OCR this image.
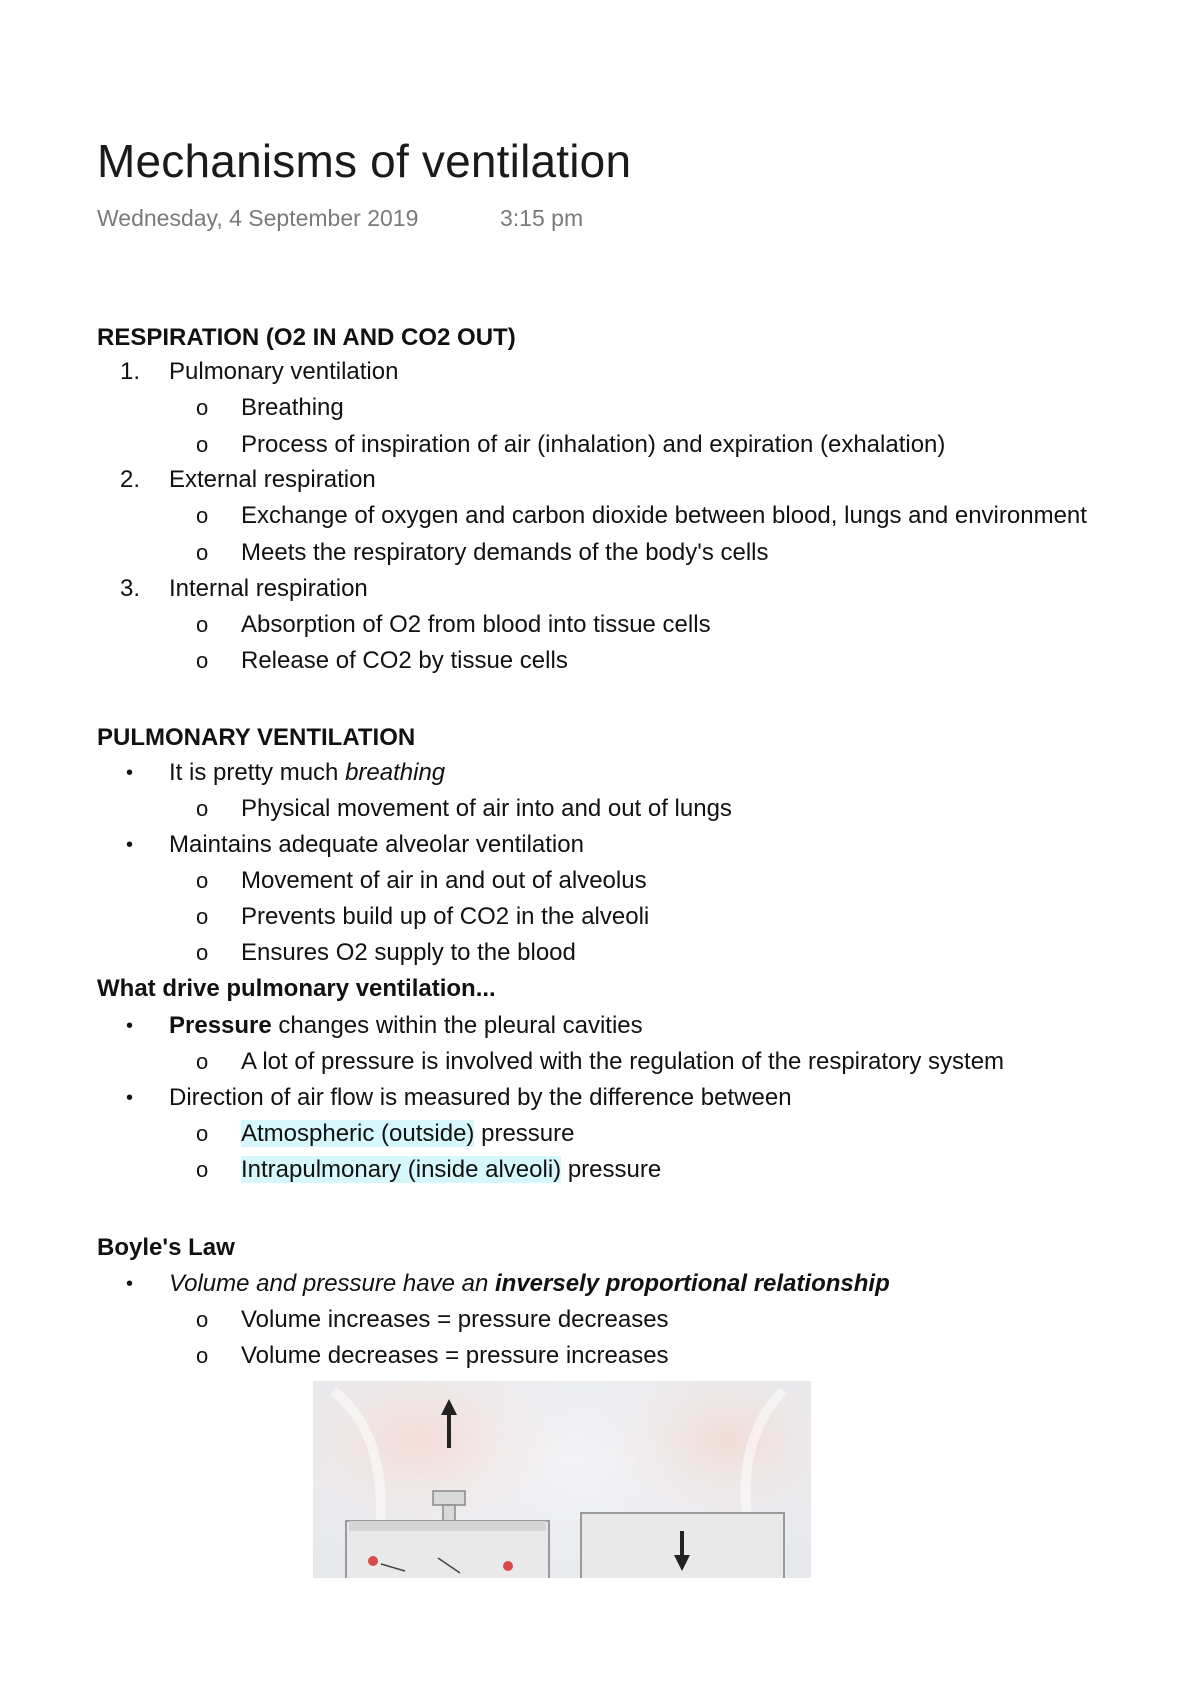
Mechanisms of ventilation
Wednesday, 4 September 2019	3:15 pm
RESPIRATION (O2 IN AND CO2 OUT)
1. Pulmonary ventilation
o Breathing
o Process of inspiration of air (inhalation) and expiration (exhalation)
2. External respiration
o Exchange of oxygen and carbon dioxide between blood, lungs and environment
o Meets the respiratory demands of the body's cells
3. Internal respiration
o Absorption of O2 from blood into tissue cells
o Release of CO2 by tissue cells
PULMONARY VENTILATION
• It is pretty much breathing
o Physical movement of air into and out of lungs
• Maintains adequate alveolar ventilation
o Movement of air in and out of alveolus
o Prevents build up of CO2 in the alveoli
o Ensures O2 supply to the blood
What drive pulmonary ventilation...
• Pressure changes within the pleural cavities
o A lot of pressure is involved with the regulation of the respiratory system
• Direction of air flow is measured by the difference between
o Atmospheric (outside) pressure
o Intrapulmonary (inside alveoli) pressure
Boyle's Law
• Volume and pressure have an inversely proportional relationship
o Volume increases = pressure decreases
o Volume decreases = pressure increases
